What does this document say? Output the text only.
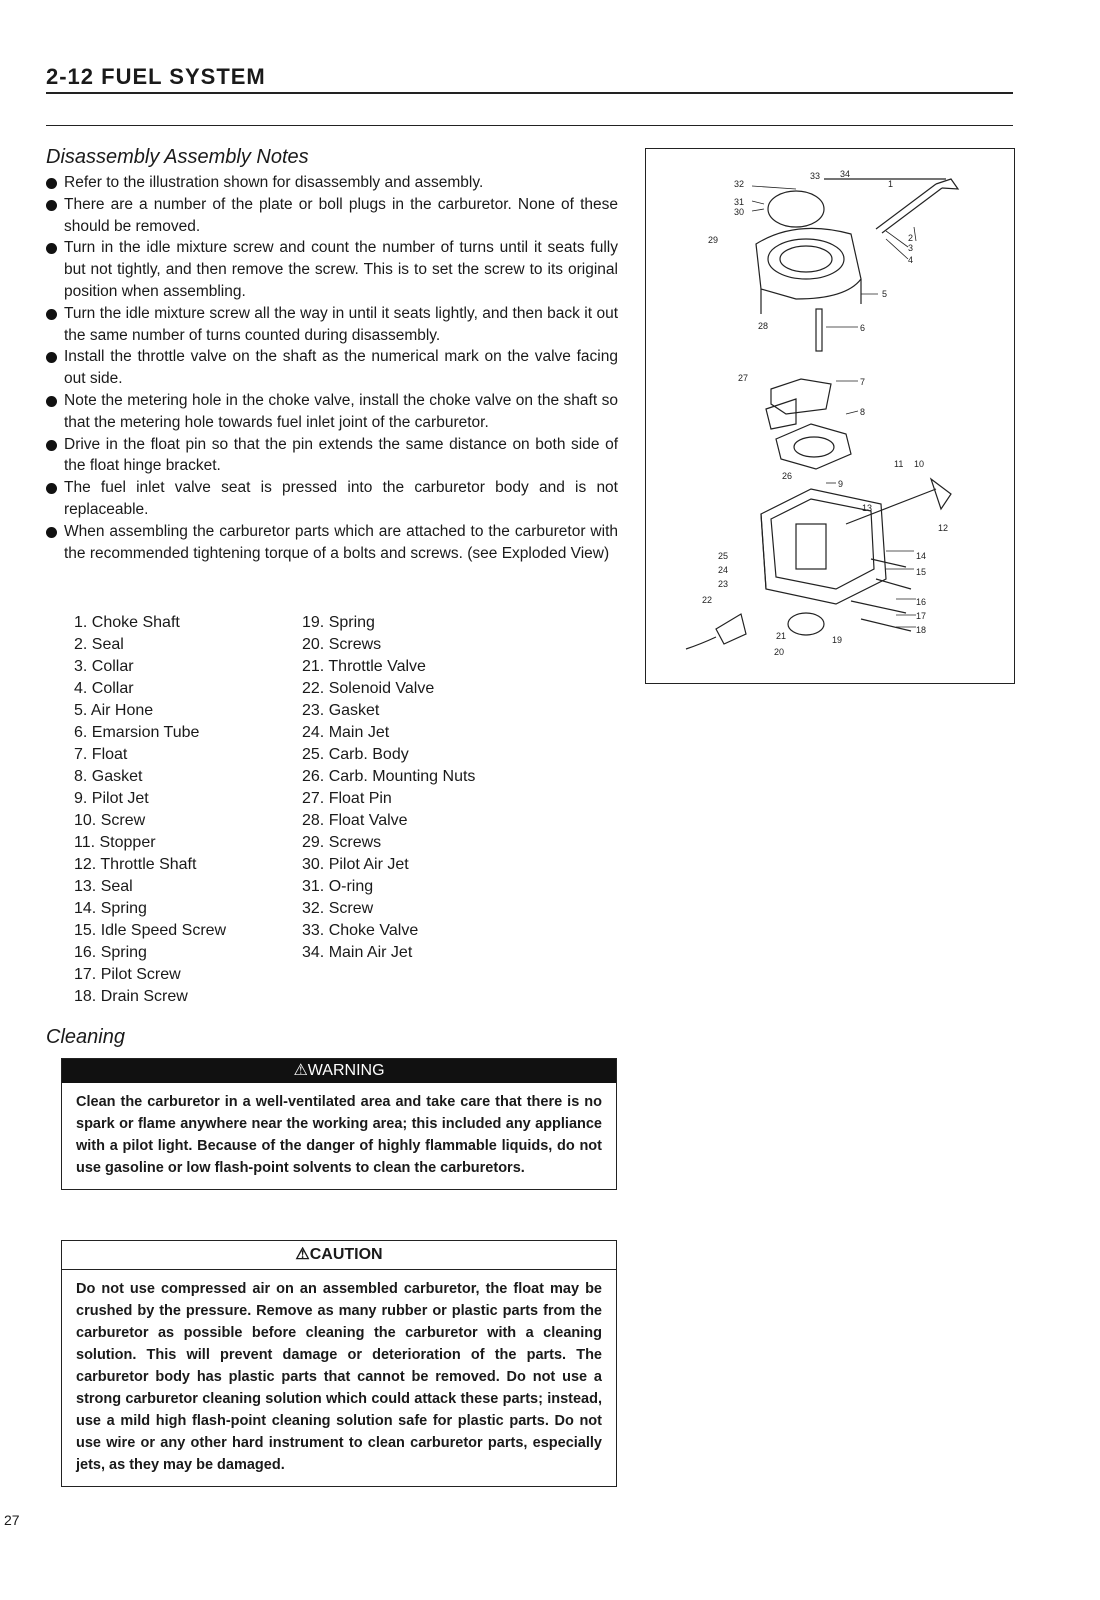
2-12 FUEL SYSTEM
Disassembly Assembly Notes
Refer to the illustration shown for disassembly and assembly.
There are a number of the plate or boll plugs in the carburetor. None of these should be removed.
Turn in the idle mixture screw and count the number of turns until it seats fully but not tightly, and then remove the screw. This is to set the screw to its original position when assembling.
Turn the idle mixture screw all the way in until it seats lightly, and then back it out the same number of turns counted during disassembly.
Install the throttle valve on the shaft as the numerical mark on the valve facing out side.
Note the metering hole in the choke valve, install the choke valve on the shaft so that the metering hole towards fuel inlet joint of the carburetor.
Drive in the float pin so that the pin extends the same distance on both side of the float hinge bracket.
The fuel inlet valve seat is pressed into the carburetor body and is not replaceable.
When assembling the carburetor parts which are attached to the carburetor with the recommended tightening torque of a bolts and screws. (see Exploded View)
1. Choke Shaft
2. Seal
3. Collar
4. Collar
5. Air Hone
6. Emarsion Tube
7. Float
8. Gasket
9. Pilot Jet
10. Screw
11. Stopper
12. Throttle Shaft
13. Seal
14. Spring
15. Idle Speed Screw
16. Spring
17. Pilot Screw
18. Drain Screw
19. Spring
20. Screws
21. Throttle Valve
22. Solenoid Valve
23. Gasket
24. Main Jet
25. Carb. Body
26. Carb. Mounting Nuts
27. Float Pin
28. Float Valve
29. Screws
30. Pilot Air Jet
31. O-ring
32. Screw
33. Choke Valve
34. Main Air Jet
Cleaning
⚠WARNING
Clean the carburetor in a well-ventilated area and take care that there is no spark or flame anywhere near the working area; this included any appliance with a pilot light. Because of the danger of highly flammable liquids, do not use gasoline or low flash-point solvents to clean the carburetors.
⚠CAUTION
Do not use compressed air on an assembled carburetor, the float may be crushed by the pressure. Remove as many rubber or plastic parts from the carburetor as possible before cleaning the carburetor with a cleaning solution. This will prevent damage or deterioration of the parts. The carburetor body has plastic parts that cannot be removed. Do not use a strong carburetor cleaning solution which could attack these parts; instead, use a mild high flash-point cleaning solution safe for plastic parts. Do not use wire or any other hard instrument to clean carburetor parts, especially jets, as they may be damaged.
1
2
3
4
5
6
7
8
9
10
11
12
13
14
15
16
17
18
19
20
21
22
23
24
25
26
27
28
29
30
31
32
33 34
27
